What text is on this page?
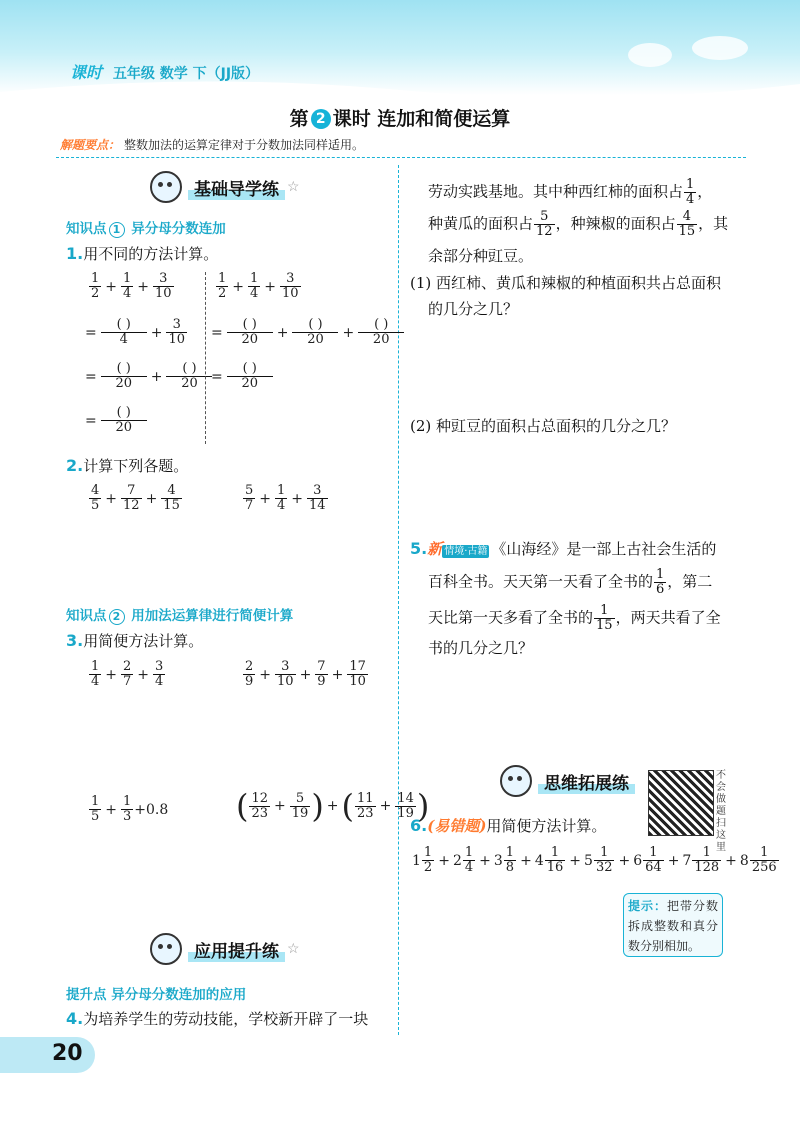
课时 五年级 数学 下（JJ版）
第 2 课时 连加和简便运算
解题要点： 整数加法的运算定律对于分数加法同样适用。
基础导学练 ☆
知识点 1 异分母分数连加
1.用不同的方法计算。
$\frac{1}{2} + \frac{1}{4} + \frac{3}{10}$
= $\frac{( )}{4} + \frac{3}{10}$
= $\frac{( )}{20} + \frac{( )}{20}$
= $\frac{( )}{20}$
$\frac{1}{2} + \frac{1}{4} + \frac{3}{10}$
= $\frac{( )}{20} + \frac{( )}{20} + \frac{( )}{20}$
= $\frac{( )}{20}$
2.计算下列各题。
$\frac{4}{5} + \frac{7}{12} + \frac{4}{15}$	$\frac{5}{7} + \frac{1}{4} + \frac{3}{14}$
知识点 2 用加法运算律进行简便计算
3.用简便方法计算。
$\frac{1}{4} + \frac{2}{7} + \frac{3}{4}$	$\frac{2}{9} + \frac{3}{10} + \frac{7}{9} + \frac{17}{10}$
$\frac{1}{5} + \frac{1}{3} +0.8$ ( $\frac{12}{23} + \frac{5}{19}$ ) + ( $\frac{11}{23} + \frac{14}{19}$ )
应用提升练 ☆
提升点 异分母分数连加的应用
4.为培养学生的劳动技能，学校新开辟了一块
劳动实践基地。其中种西红柿的面积占 $\frac{1}{4}$ ，
种黄瓜的面积占 $\frac{5}{12}$ ，种辣椒的面积占 $\frac{4}{15}$ ，其
余部分种豇豆。
(1) 西红柿、黄瓜和辣椒的种植面积共占总面积
的几分之几？
(2) 种豇豆的面积占总面积的几分之几？
5.新 情境·古籍 《山海经》是一部上古社会生活的
百科全书。天天第一天看了全书的 $\frac{1}{6}$ ，第二
天比第一天多看了全书的 $\frac{1}{15}$ ，两天共看了全
书的几分之几？
思维拓展练	不会做题扫这里
6.(易错题)用简便方法计算。
$1 \frac{1}{2} + 2 \frac{1}{4} + 3 \frac{1}{8} + 4 \frac{1}{16} + 5 \frac{1}{32} + 6 \frac{1}{64} + 7 \frac{1}{128} + 8 \frac{1}{256}$
提示：把带分数拆成整数和真分数分别相加。
20
